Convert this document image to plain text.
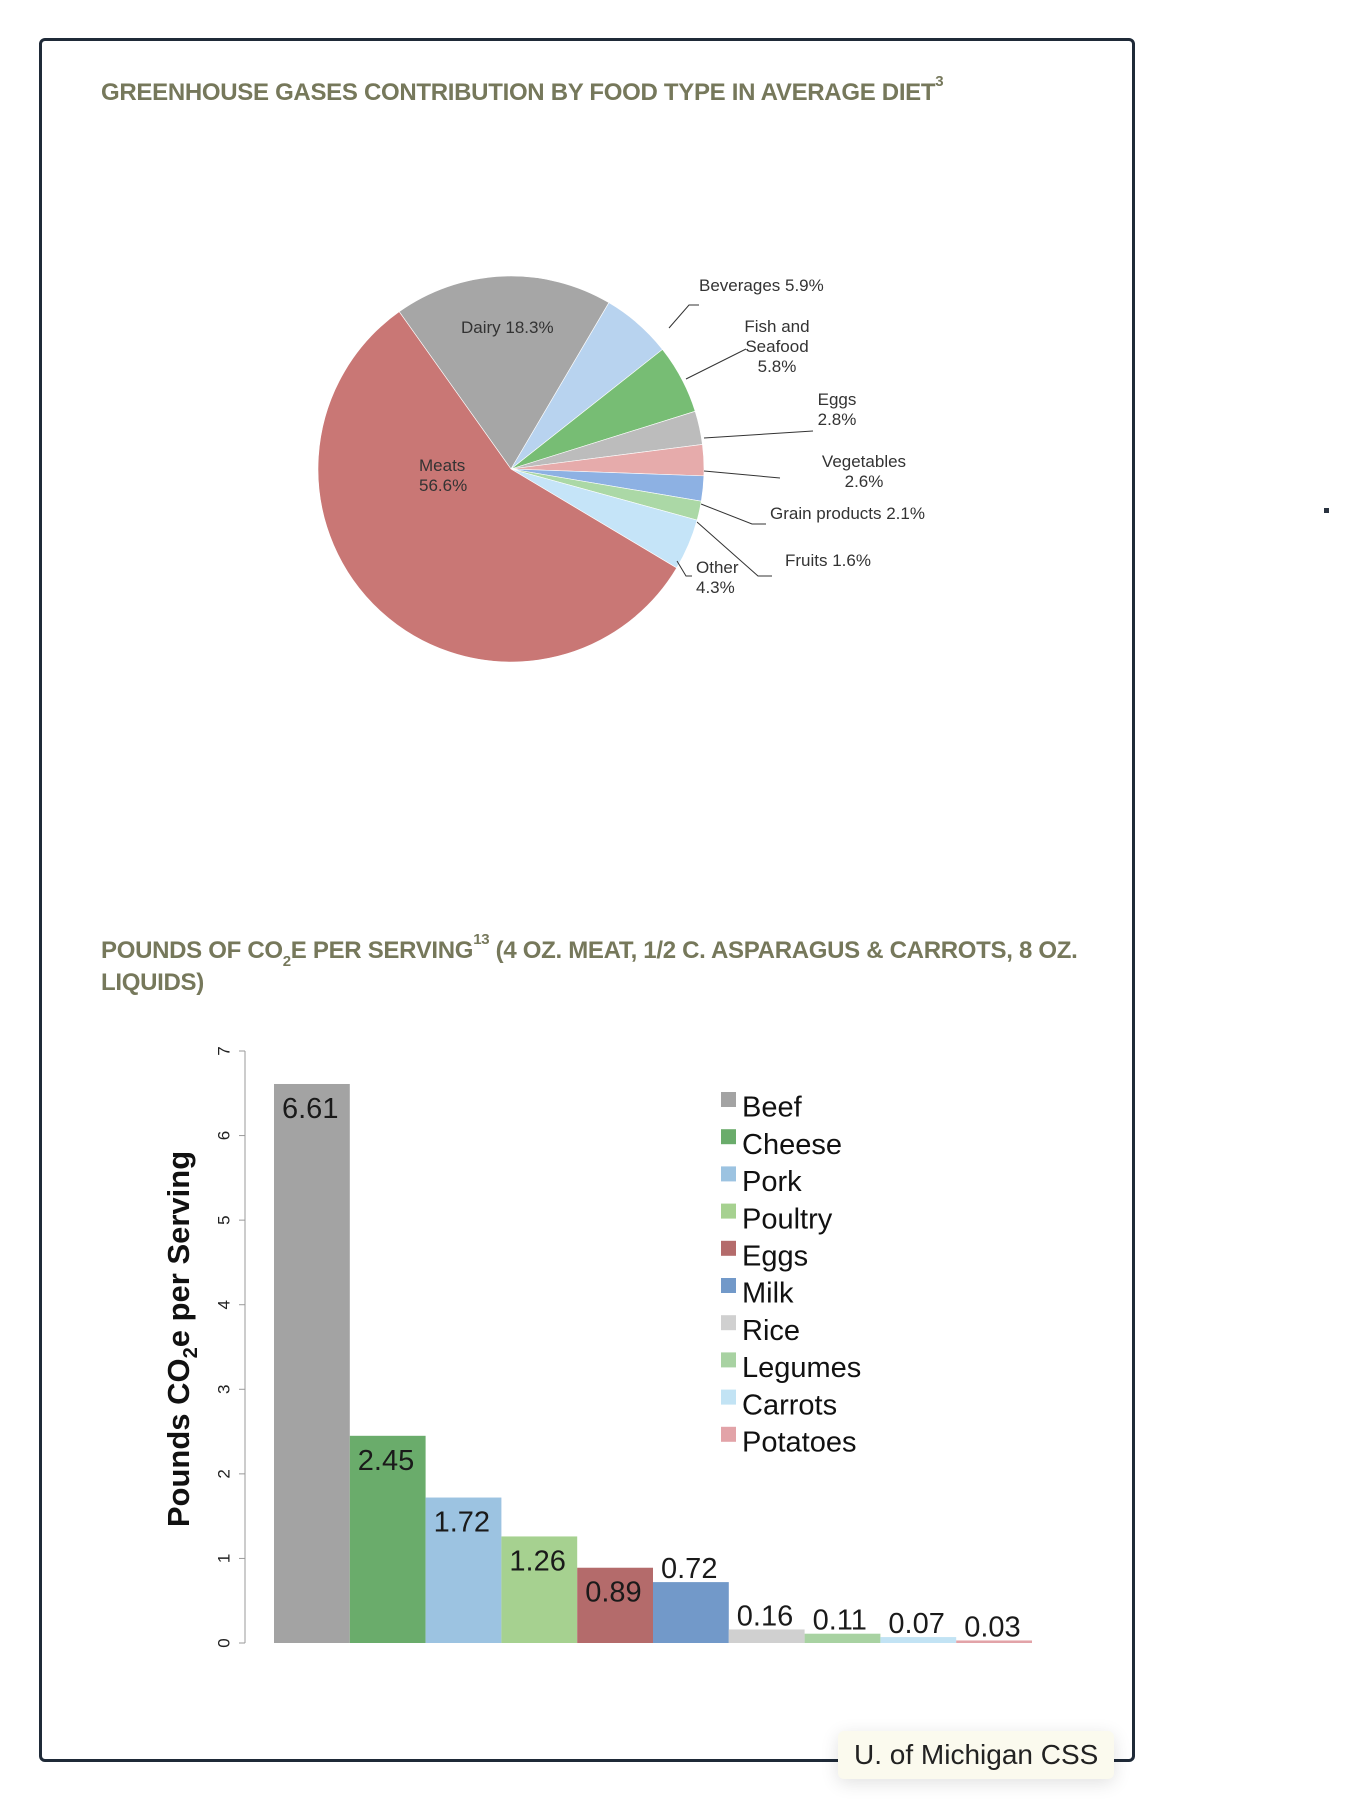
GREENHOUSE GASES CONTRIBUTION BY FOOD TYPE IN AVERAGE DIET$^3$
POUNDS OF $CO_2E$ PER SERVING$^{13}$ (4 OZ. MEAT, 1/2 C. ASPARAGUS & CARROTS, 8 OZ. LIQUIDS)
Dairy 18.3%
Beverages 5.9%
Fish and Seafood 5.8%
Eggs 2.8%
Vegetables 2.6%
Grain products 2.1%
Fruits 1.6%
Other 4.3%
Meats 56.6%
0
1
2
3
4
5
6
7
Pounds $CO_2e$ per Serving
6.61
2.45
1.72
1.26
0.89
0.72
0.16 0.11 0.07 0.03
Beef
Cheese
Pork
Poultry
Eggs
Milk
Rice
Legumes
Carrots
Potatoes
U. of Michigan CSS
